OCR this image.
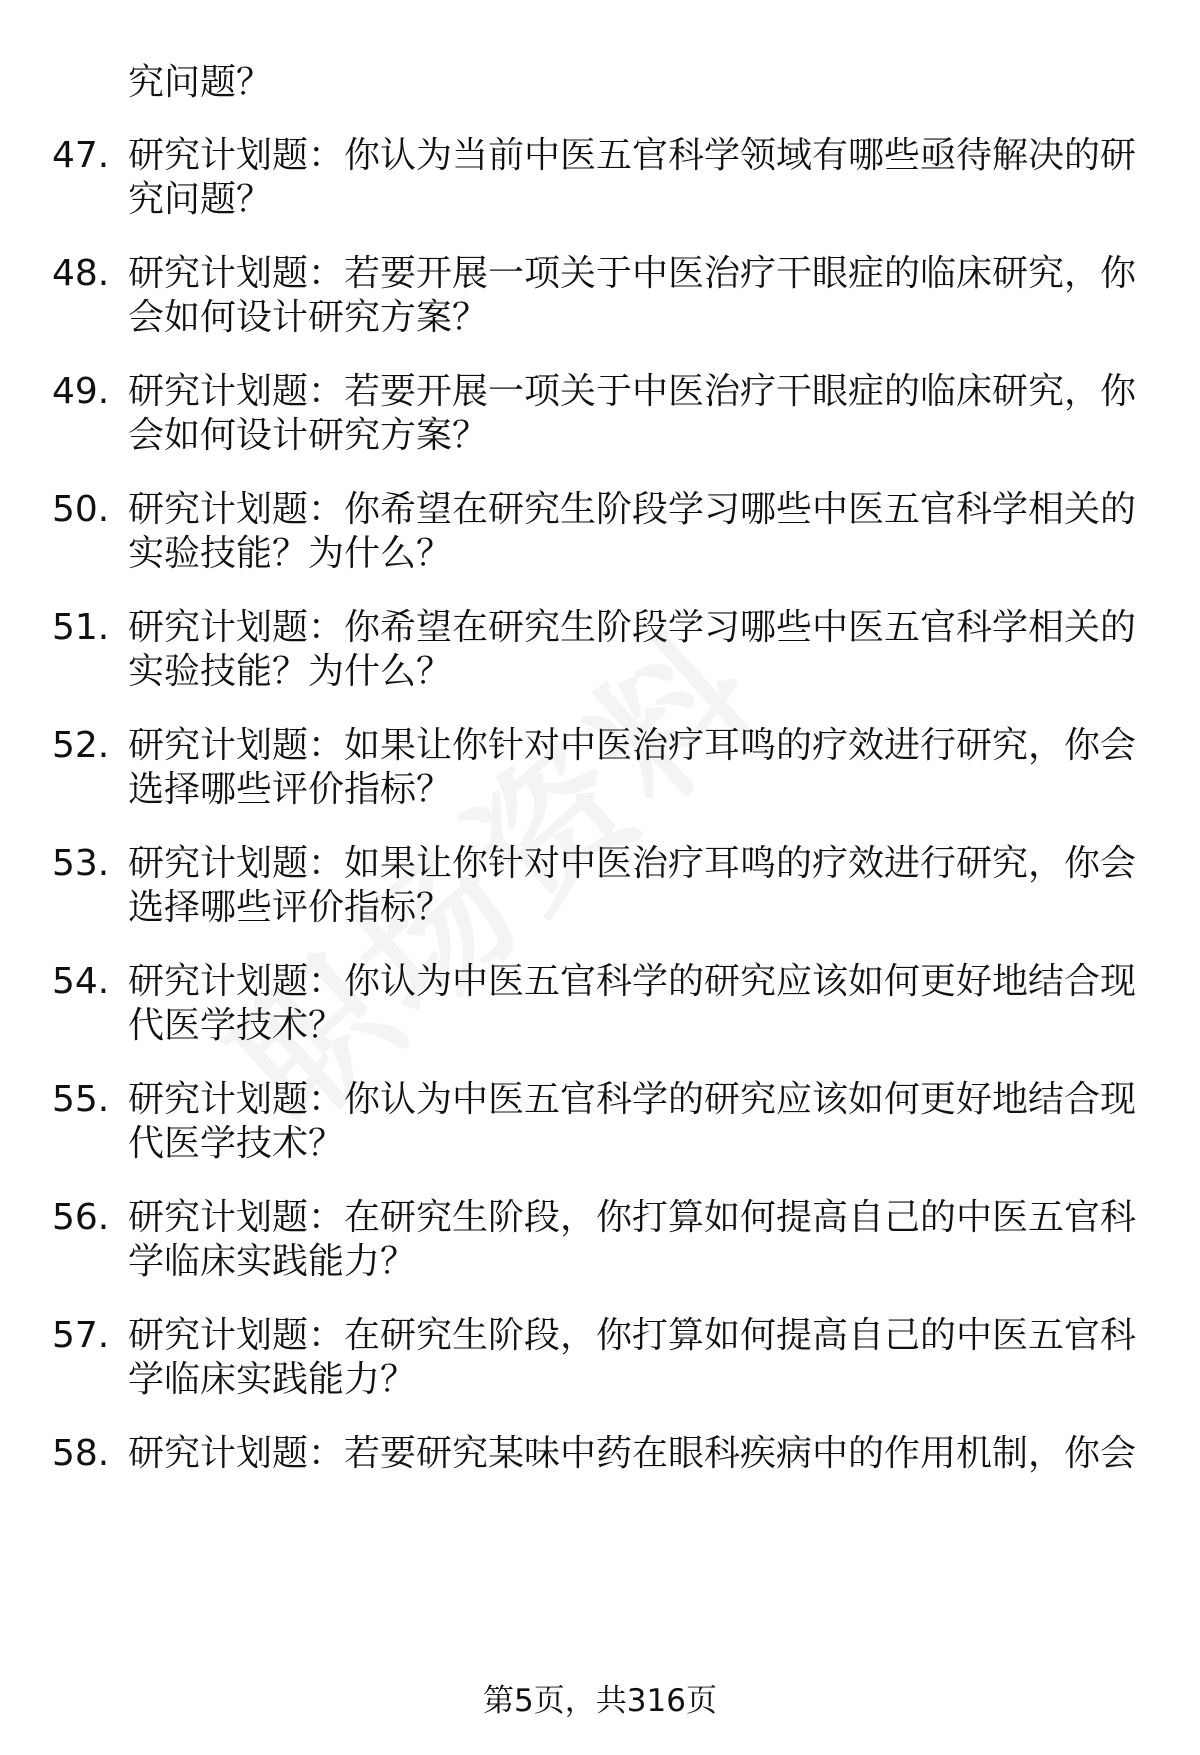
究问题？
47. 研究计划题：你认为当前中医五官科学领域有哪些亟待解决的研
究问题？
48. 研究计划题：若要开展一项关于中医治疗干眼症的临床研究，你
会如何设计研究方案？
49. 研究计划题：若要开展一项关于中医治疗干眼症的临床研究，你
会如何设计研究方案？
50. 研究计划题：你希望在研究生阶段学习哪些中医五官科学相关的
实验技能？为什么？
51. 研究计划题：你希望在研究生阶段学习哪些中医五官科学相关的
实验技能？为什么？
52. 研究计划题：如果让你针对中医治疗耳鸣的疗效进行研究，你会
选择哪些评价指标？
53. 研究计划题：如果让你针对中医治疗耳鸣的疗效进行研究，你会
选择哪些评价指标？
54. 研究计划题：你认为中医五官科学的研究应该如何更好地结合现
代医学技术？
55. 研究计划题：你认为中医五官科学的研究应该如何更好地结合现
代医学技术？
56. 研究计划题：在研究生阶段，你打算如何提高自己的中医五官科
学临床实践能力？
57. 研究计划题：在研究生阶段，你打算如何提高自己的中医五官科
学临床实践能力？
58. 研究计划题：若要研究某味中药在眼科疾病中的作用机制，你会
第5页，共316页
